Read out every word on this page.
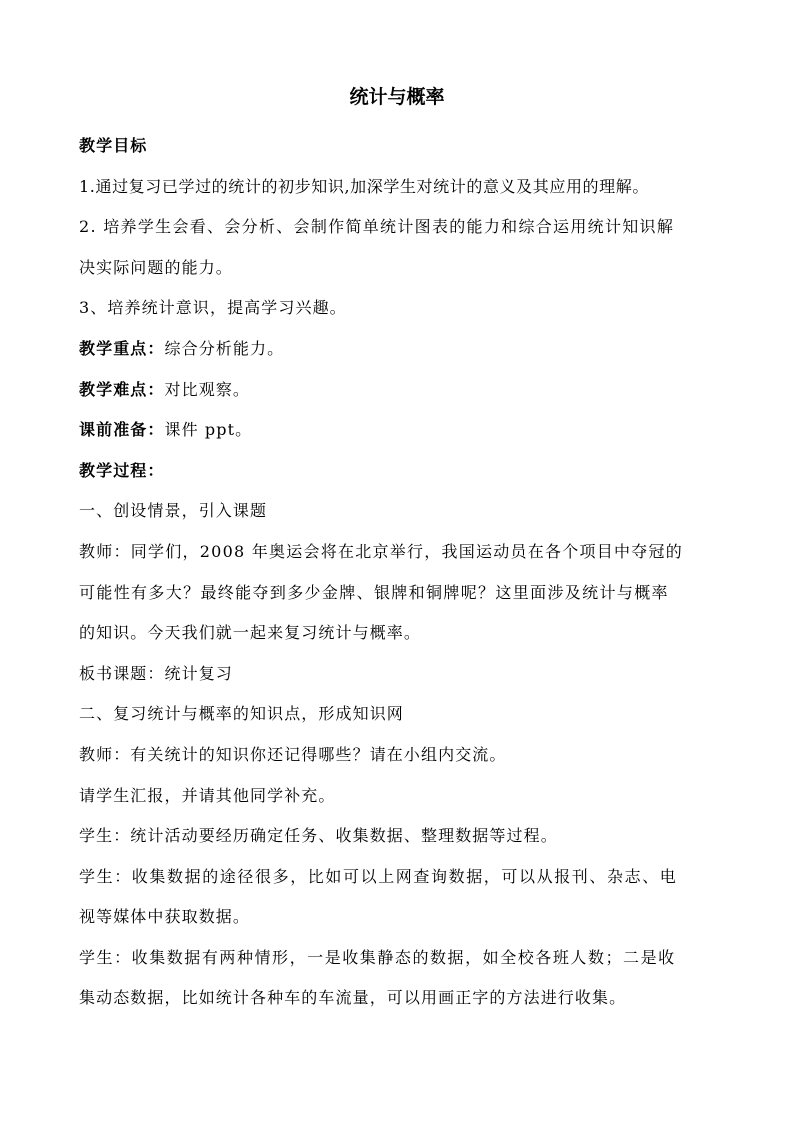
统计与概率
教学目标
1.通过复习已学过的统计的初步知识,加深学生对统计的意义及其应用的理解。
2. 培养学生会看、会分析、会制作简单统计图表的能力和综合运用统计知识解
决实际问题的能力。
3、培养统计意识，提高学习兴趣。
教学重点：综合分析能力。
教学难点：对比观察。
课前准备：课件 ppt。
教学过程：
一、创设情景，引入课题
教师：同学们，2008 年奥运会将在北京举行，我国运动员在各个项目中夺冠的
可能性有多大？最终能夺到多少金牌、银牌和铜牌呢？这里面涉及统计与概率
的知识。今天我们就一起来复习统计与概率。
板书课题：统计复习
二、复习统计与概率的知识点，形成知识网
教师：有关统计的知识你还记得哪些？请在小组内交流。
请学生汇报，并请其他同学补充。
学生：统计活动要经历确定任务、收集数据、整理数据等过程。
学生：收集数据的途径很多，比如可以上网查询数据，可以从报刊、杂志、电
视等媒体中获取数据。
学生：收集数据有两种情形，一是收集静态的数据，如全校各班人数；二是收
集动态数据，比如统计各种车的车流量，可以用画正字的方法进行收集。
